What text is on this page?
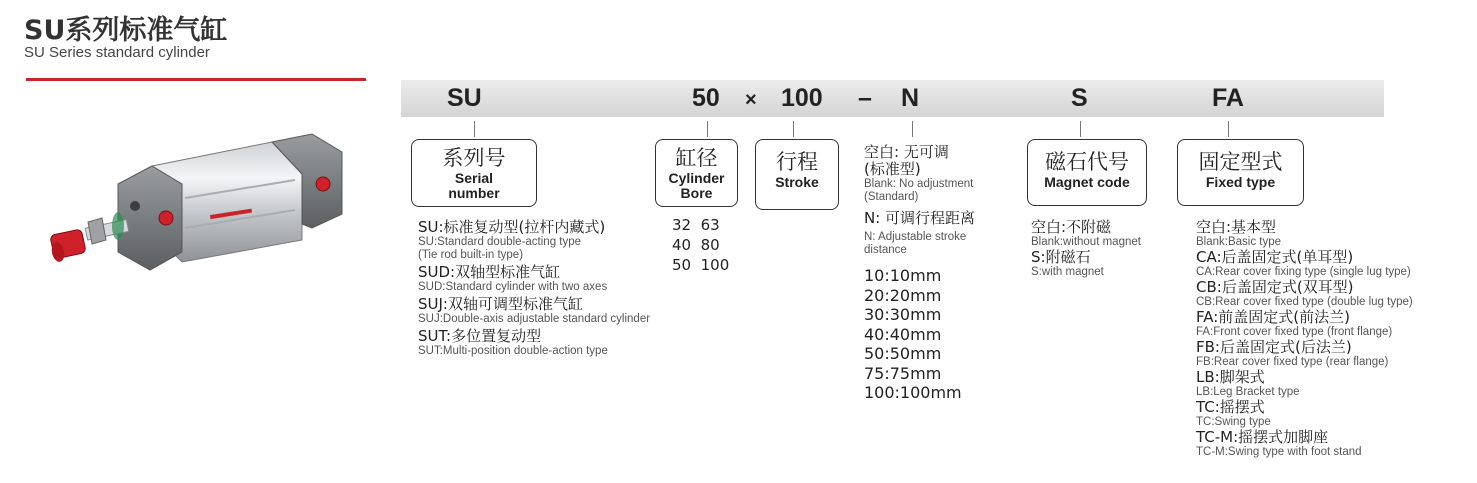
SU系列标准气缸
SU Series standard cylinder
SU	50 × 100 – N	S	FA
系列号
Serial
number
缸径
Cylinder
Bore
行程
Stroke
磁石代号
Magnet code
固定型式
Fixed type
SU:标准复动型(拉杆内藏式)
SU:Standard double-acting type
(Tie rod built-in type)
SUD:双轴型标准气缸
SUD:Standard cylinder with two axes
SUJ:双轴可调型标准气缸
SUJ:Double-axis adjustable standard cylinder
SUT:多位置复动型
SUT:Multi-position double-action type
32 63
40 80
50 100
空白: 无可调
(标准型)
Blank: No adjustment
(Standard)
N: 可调行程距离
N: Adjustable stroke
distance
10:10mm
20:20mm
30:30mm
40:40mm
50:50mm
75:75mm
100:100mm
空白:不附磁
Blank:without magnet
S:附磁石
S:with magnet
空白:基本型
Blank:Basic type
CA:后盖固定式(单耳型)
CA:Rear cover fixing type (single lug type)
CB:后盖固定式(双耳型)
CB:Rear cover fixed type (double lug type)
FA:前盖固定式(前法兰)
FA:Front cover fixed type (front flange)
FB:后盖固定式(后法兰)
FB:Rear cover fixed type (rear flange)
LB:脚架式
LB:Leg Bracket type
TC:摇摆式
TC:Swing type
TC-M:摇摆式加脚座
TC-M:Swing type with foot stand
